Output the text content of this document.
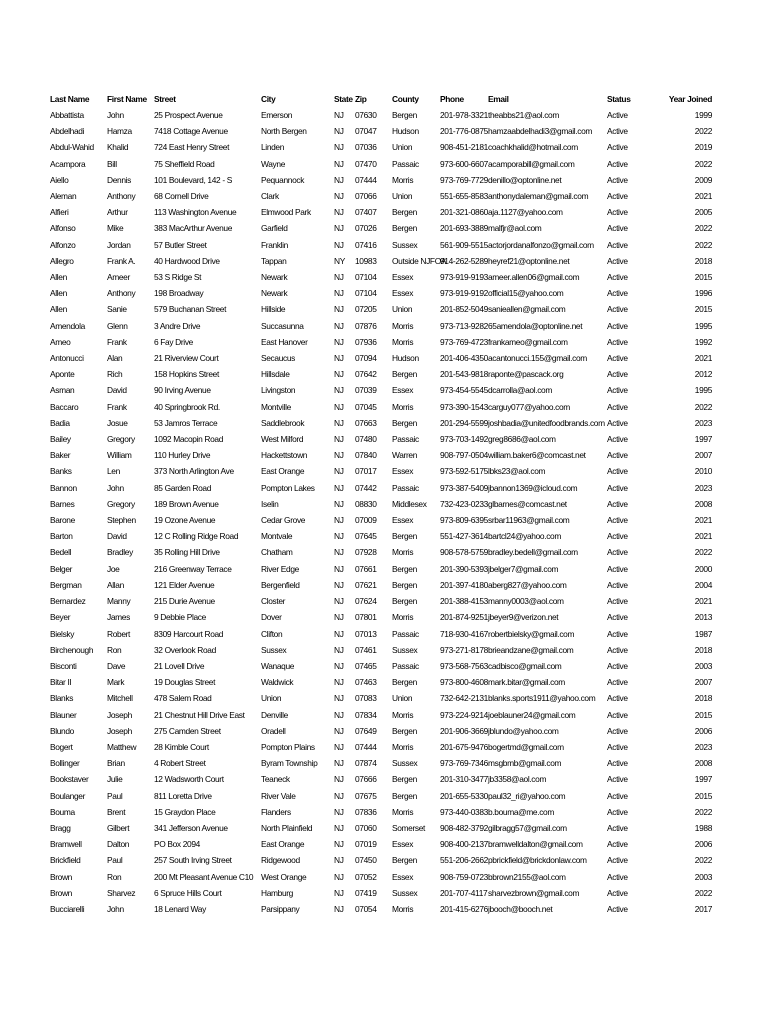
Last Name	First Name	Street	City	State	Zip	County	Phone	Email	Status	Year Joined
Abbattista	John	25 Prospect Avenue	Emerson	NJ	07630	Bergen	201-978-3321	theabbs21@aol.com	Active	1999
Abdelhadi	Hamza	7418 Cottage Avenue	North Bergen	NJ	07047	Hudson	201-776-0875	hamzaabdelhadi3@gmail.com	Active	2022
Abdul-Wahid	Khalid	724 East Henry Street	Linden	NJ	07036	Union	908-451-2181	coachkhalid@hotmail.com	Active	2019
Acampora	Bill	75 Sheffield Road	Wayne	NJ	07470	Passaic	973-600-6607	acamporabill@gmail.com	Active	2022
Aiello	Dennis	101 Boulevard, 142 - S	Pequannock	NJ	07444	Morris	973-769-7729	denillo@optonline.net	Active	2009
Aleman	Anthony	68 Cornell Drive	Clark	NJ	07066	Union	551-655-8583	anthonydaleman@gmail.com	Active	2021
Alfieri	Arthur	113 Washington Avenue	Elmwood Park	NJ	07407	Bergen	201-321-0860	aja.1127@yahoo.com	Active	2005
Alfonso	Mike	383 MacArthur Avenue	Garfield	NJ	07026	Bergen	201-693-3889	malfjr@aol.com	Active	2022
Alfonzo	Jordan	57 Butler Street	Franklin	NJ	07416	Sussex	561-909-5515	actorjordanalfonzo@gmail.com	Active	2022
Allegro	Frank A.	40 Hardwood Drive	Tappan	NY	10983	Outside NJFOA	914-262-5289	heyref21@optonline.net	Active	2018
Allen	Ameer	53 S Ridge St	Newark	NJ	07104	Essex	973-919-9193	ameer.allen06@gmail.com	Active	2015
Allen	Anthony	198 Broadway	Newark	NJ	07104	Essex	973-919-9192	official15@yahoo.com	Active	1996
Allen	Sanie	579 Buchanan Street	Hillside	NJ	07205	Union	201-852-5049	sanieallen@gmail.com	Active	2015
Amendola	Glenn	3 Andre Drive	Succasunna	NJ	07876	Morris	973-713-9282	65amendola@optonline.net	Active	1995
Ameo	Frank	6 Fay Drive	East Hanover	NJ	07936	Morris	973-769-4723	frankameo@gmail.com	Active	1992
Antonucci	Alan	21 Riverview Court	Secaucus	NJ	07094	Hudson	201-406-4350	acantonucci.155@gmail.com	Active	2021
Aponte	Rich	158 Hopkins Street	Hillsdale	NJ	07642	Bergen	201-543-9818	raponte@pascack.org	Active	2012
Asman	David	90 Irving Avenue	Livingston	NJ	07039	Essex	973-454-5545	dcarrolla@aol.com	Active	1995
Baccaro	Frank	40 Springbrook Rd.	Montville	NJ	07045	Morris	973-390-1543	carguy077@yahoo.com	Active	2022
Badia	Josue	53 Jamros Terrace	Saddlebrook	NJ	07663	Bergen	201-294-5599	joshbadia@unitedfoodbrands.com	Active	2023
Bailey	Gregory	1092 Macopin Road	West Milford	NJ	07480	Passaic	973-703-1492	greg8686@aol.com	Active	1997
Baker	William	110 Hurley Drive	Hackettstown	NJ	07840	Warren	908-797-0504	william.baker6@comcast.net	Active	2007
Banks	Len	373 North Arlington Ave	East Orange	NJ	07017	Essex	973-592-5175	lbks23@aol.com	Active	2010
Bannon	John	85 Garden Road	Pompton Lakes	NJ	07442	Passaic	973-387-5409	jbannon1369@icloud.com	Active	2023
Barnes	Gregory	189 Brown Avenue	Iselin	NJ	08830	Middlesex	732-423-0233	glbarnes@comcast.net	Active	2008
Barone	Stephen	19 Ozone Avenue	Cedar Grove	NJ	07009	Essex	973-809-6395	srbar11963@gmail.com	Active	2021
Barton	David	12 C Rolling Ridge Road	Montvale	NJ	07645	Bergen	551-427-3614	bartcl24@yahoo.com	Active	2021
Bedell	Bradley	35 Rolling Hill Drive	Chatham	NJ	07928	Morris	908-578-5759	bradley.bedell@gmail.com	Active	2022
Belger	Joe	216 Greenway Terrace	River Edge	NJ	07661	Bergen	201-390-5393	jbelger7@gmail.com	Active	2000
Bergman	Allan	121 Elder Avenue	Bergenfield	NJ	07621	Bergen	201-397-4180	aberg827@yahoo.com	Active	2004
Bernardez	Manny	215 Durie Avenue	Closter	NJ	07624	Bergen	201-388-4153	manny0003@aol.com	Active	2021
Beyer	James	9 Debbie Place	Dover	NJ	07801	Morris	201-874-9251	jbeyer9@verizon.net	Active	2013
Bielsky	Robert	8309 Harcourt Road	Clifton	NJ	07013	Passaic	718-930-4167	robertbielsky@gmail.com	Active	1987
Birchenough	Ron	32 Overlook Road	Sussex	NJ	07461	Sussex	973-271-8178	brieandzane@gmail.com	Active	2018
Bisconti	Dave	21 Lovell Drive	Wanaque	NJ	07465	Passaic	973-568-7563	cadbisco@gmail.com	Active	2003
Bitar II	Mark	19 Douglas Street	Waldwick	NJ	07463	Bergen	973-800-4608	mark.bitar@gmail.com	Active	2007
Blanks	Mitchell	478 Salem Road	Union	NJ	07083	Union	732-642-2131	blanks.sports1911@yahoo.com	Active	2018
Blauner	Joseph	21 Chestnut Hill Drive East	Denville	NJ	07834	Morris	973-224-9214	joeblauner24@gmail.com	Active	2015
Blundo	Joseph	275 Camden Street	Oradell	NJ	07649	Bergen	201-906-3669	jblundo@yahoo.com	Active	2006
Bogert	Matthew	28 Kimble Court	Pompton Plains	NJ	07444	Morris	201-675-9476	bogertmd@gmail.com	Active	2023
Bollinger	Brian	4 Robert Street	Byram Township	NJ	07874	Sussex	973-769-7346	msgbmb@gmail.com	Active	2008
Bookstaver	Julie	12 Wadsworth Court	Teaneck	NJ	07666	Bergen	201-310-3477	jb3358@aol.com	Active	1997
Boulanger	Paul	811 Loretta Drive	River Vale	NJ	07675	Bergen	201-655-5330	paul32_ri@yahoo.com	Active	2015
Bouma	Brent	15 Graydon Place	Flanders	NJ	07836	Morris	973-440-0383	b.bouma@me.com	Active	2022
Bragg	Gilbert	341 Jefferson Avenue	North Plainfield	NJ	07060	Somerset	908-482-3792	gilbragg57@gmail.com	Active	1988
Bramwell	Dalton	PO Box 2094	East Orange	NJ	07019	Essex	908-400-2137	bramwelldalton@gmail.com	Active	2006
Brickfield	Paul	257 South Irving Street	Ridgewood	NJ	07450	Bergen	551-206-2662	pbrickfield@brickdonlaw.com	Active	2022
Brown	Ron	200 Mt Pleasant Avenue C10	West Orange	NJ	07052	Essex	908-759-0723	bbrown2155@aol.com	Active	2003
Brown	Sharvez	6 Spruce Hills Court	Hamburg	NJ	07419	Sussex	201-707-4117	sharvezbrown@gmail.com	Active	2022
Bucciarelli	John	18 Lenard Way	Parsippany	NJ	07054	Morris	201-415-6276	jbooch@booch.net	Active	2017
